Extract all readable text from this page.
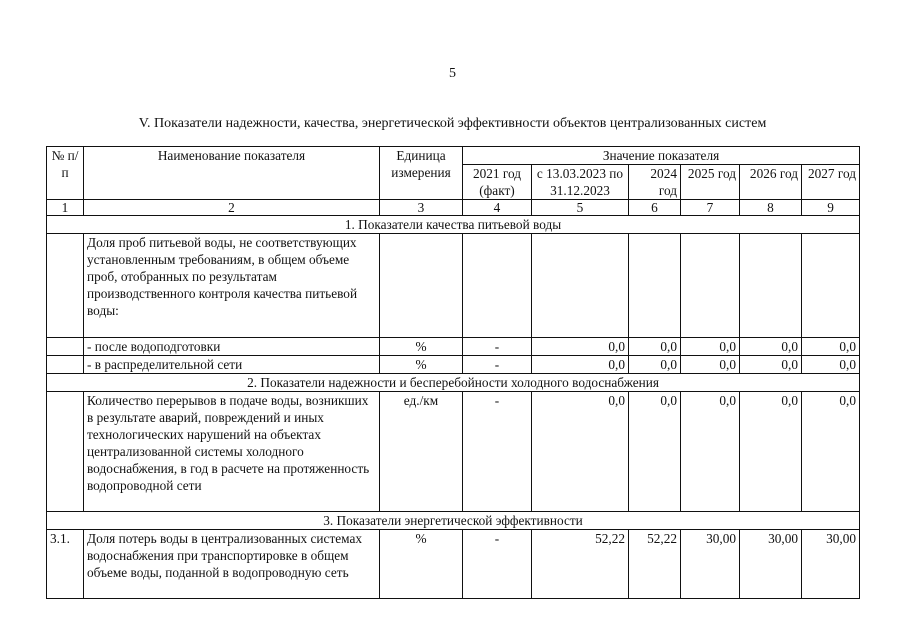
5
V. Показатели надежности, качества, энергетической эффективности объектов централизованных систем
№ п/п	Наименование показателя	Единица измерения	Значение показателя					
			2021 год (факт)	с 13.03.2023 по 31.12.2023	2024 год	2025 год	2026 год	2027 год

1	2	3	4	5	6	7	8	9
1. Показатели качества питьевой воды								
	Доля проб питьевой воды, не соответствующих установленным требованиям, в общем объеме проб, отобранных по результатам производственного контроля качества питьевой воды:							
	- после водоподготовки	%	-	0,0	0,0	0,0	0,0	0,0
	- в распределительной сети	%	-	0,0	0,0	0,0	0,0	0,0
2. Показатели надежности и бесперебойности холодного водоснабжения								
	Количество перерывов в подаче воды, возникших в результате аварий, повреждений и иных технологических нарушений на объектах централизованной системы холодного водоснабжения, в год в расчете на протяженность водопроводной сети	ед./км	-	0,0	0,0	0,0	0,0	0,0
3. Показатели энергетической эффективности								
3.1.	Доля потерь воды в централизованных системах водоснабжения при транспортировке в общем объеме воды, поданной в водопроводную сеть	%	-	52,22	52,22	30,00	30,00	30,00
